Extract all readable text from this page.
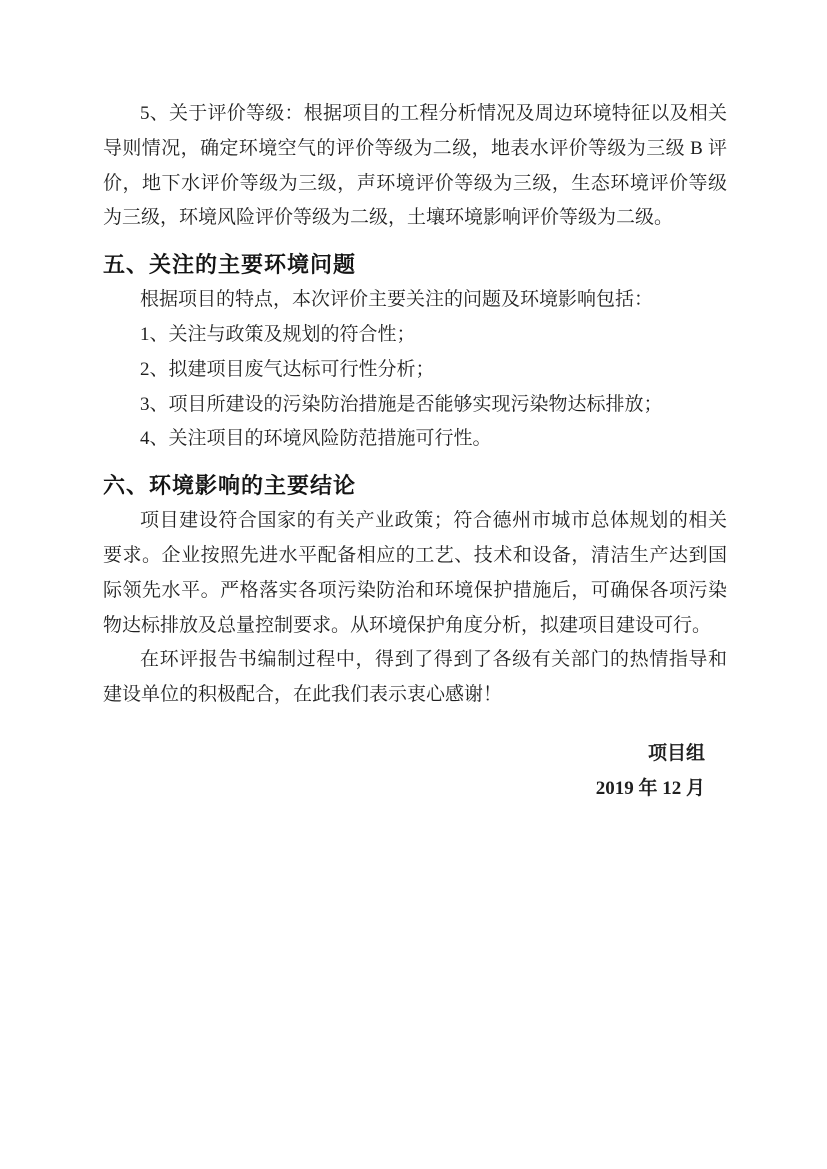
5、关于评价等级：根据项目的工程分析情况及周边环境特征以及相关导则情况，确定环境空气的评价等级为二级，地表水评价等级为三级 B 评价，地下水评价等级为三级，声环境评价等级为三级，生态环境评价等级为三级，环境风险评价等级为二级，土壤环境影响评价等级为二级。

五、关注的主要环境问题

根据项目的特点，本次评价主要关注的问题及环境影响包括：

1、关注与政策及规划的符合性；

2、拟建项目废气达标可行性分析；

3、项目所建设的污染防治措施是否能够实现污染物达标排放；

4、关注项目的环境风险防范措施可行性。

六、环境影响的主要结论

项目建设符合国家的有关产业政策；符合德州市城市总体规划的相关要求。企业按照先进水平配备相应的工艺、技术和设备，清洁生产达到国际领先水平。严格落实各项污染防治和环境保护措施后，可确保各项污染物达标排放及总量控制要求。从环境保护角度分析，拟建项目建设可行。

在环评报告书编制过程中，得到了得到了各级有关部门的热情指导和建设单位的积极配合，在此我们表示衷心感谢！

项目组

2019 年 12 月
